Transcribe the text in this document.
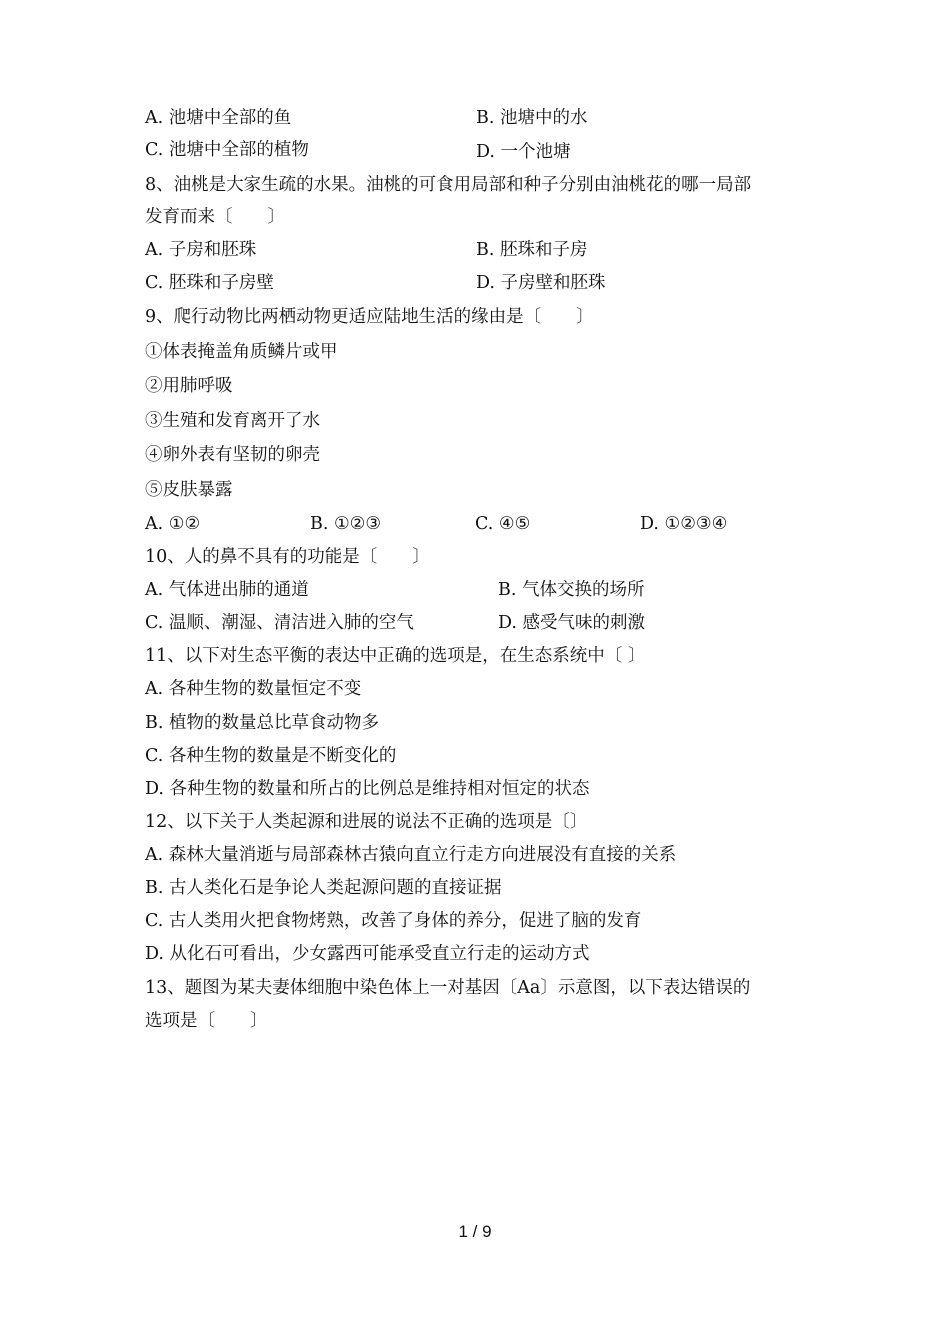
A. 池塘中全部的鱼	B. 池塘中的水
C. 池塘中全部的植物	D. 一个池塘
8、油桃是大家生疏的水果。油桃的可食用局部和种子分别由油桃花的哪一局部
发育而来〔　　〕
A. 子房和胚珠	B. 胚珠和子房
C. 胚珠和子房壁	D. 子房壁和胚珠
9、爬行动物比两栖动物更适应陆地生活的缘由是〔　　〕
①体表掩盖角质鳞片或甲
②用肺呼吸
③生殖和发育离开了水
④卵外表有坚韧的卵壳
⑤皮肤暴露
A. ①②	B. ①②③	C. ④⑤	D. ①②③④
10、人的鼻不具有的功能是〔　　〕
A. 气体进出肺的通道	B. 气体交换的场所
C. 温顺、潮湿、清洁进入肺的空气	D. 感受气味的刺激
11、以下对生态平衡的表达中正确的选项是，在生态系统中〔 〕
A. 各种生物的数量恒定不变
B. 植物的数量总比草食动物多
C. 各种生物的数量是不断变化的
D. 各种生物的数量和所占的比例总是维持相对恒定的状态
12、以下关于人类起源和进展的说法不正确的选项是〔〕
A. 森林大量消逝与局部森林古猿向直立行走方向进展没有直接的关系
B. 古人类化石是争论人类起源问题的直接证据
C. 古人类用火把食物烤熟，改善了身体的养分，促进了脑的发育
D. 从化石可看出，少女露西可能承受直立行走的运动方式
13、题图为某夫妻体细胞中染色体上一对基因〔Aa〕示意图，以下表达错误的
选项是〔　　〕
1 / 9
